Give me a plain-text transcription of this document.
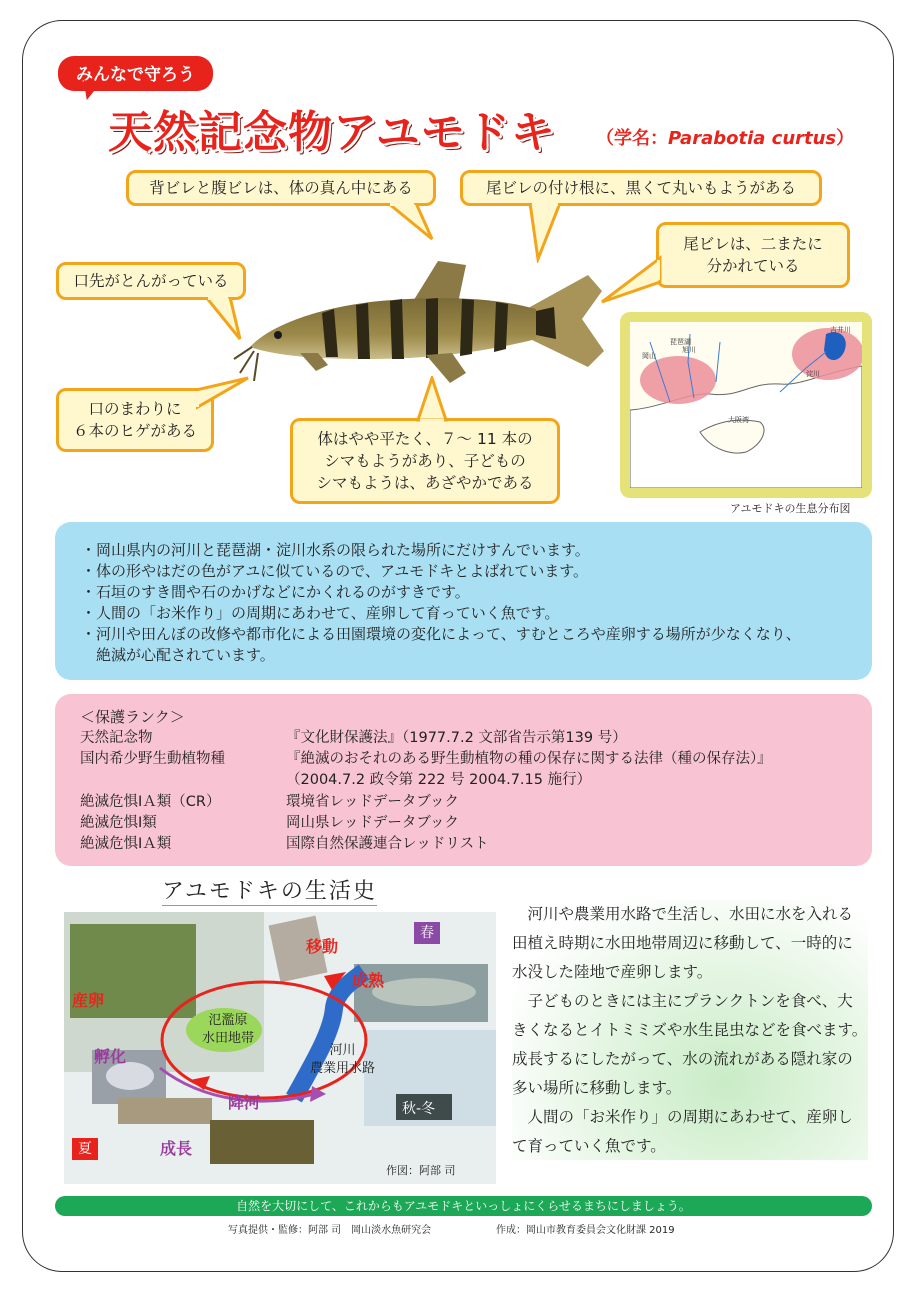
みんなで守ろう
天然記念物アユモドキ （学名：Parabotia curtus）
背ビレと腹ビレは、体の真ん中にある	尾ビレの付け根に、黒くて丸いもようがある
尾ビレは、二またに
分かれている
口先がとんがっている
口のまわりに
６本のヒゲがある	体はやや平たく、７～ 11 本の
シマもようがあり、子どもの
シマもようは、あざやかである
琵琶湖
岡山
淀川
大阪湾
旭川
吉井川
アユモドキの生息分布図
・岡山県内の河川と琵琶湖・淀川水系の限られた場所にだけすんでいます。
・体の形やはだの色がアユに似ているので、アユモドキとよばれています。
・石垣のすき間や石のかげなどにかくれるのがすきです。
・人間の「お米作り」の周期にあわせて、産卵して育っていく魚です。
・河川や田んぼの改修や都市化による田園環境の変化によって、すむところや産卵する場所が少なくなり、
　絶滅が心配されています。
＜保護ランク＞
天然記念物	『文化財保護法』（1977.7.2 文部省告示第139 号）
国内希少野生動植物種	『絶滅のおそれのある野生動植物の種の保存に関する法律（種の保存法）』
（2004.7.2 政令第 222 号 2004.7.15 施行）
絶滅危惧ⅠＡ類（CR）	環境省レッドデータブック
絶滅危惧Ⅰ類	岡山県レッドデータブック
絶滅危惧ⅠＡ類	国際自然保護連合レッドリスト
アユモドキの生活史
移動
成熟
産卵
孵化
降河
成長
氾濫原
水田地帯
河川
農業用水路
秋-冬
春
夏
作図：阿部 司

河川や農業用水路で生活し、水田に水を入れる田植え時期に水田地帯周辺に移動して、一時的に水没した陸地で産卵します。

子どものときには主にプランクトンを食べ、大きくなるとイトミミズや水生昆虫などを食べます。成長するにしたがって、水の流れがある隠れ家の多い場所に移動します。

人間の「お米作り」の周期にあわせて、産卵して育っていく魚です。

自然を大切にして、これからもアユモドキといっしょにくらせるまちにしましょう。
写真提供・監修：阿部 司　岡山淡水魚研究会	作成：岡山市教育委員会文化財課 2019
